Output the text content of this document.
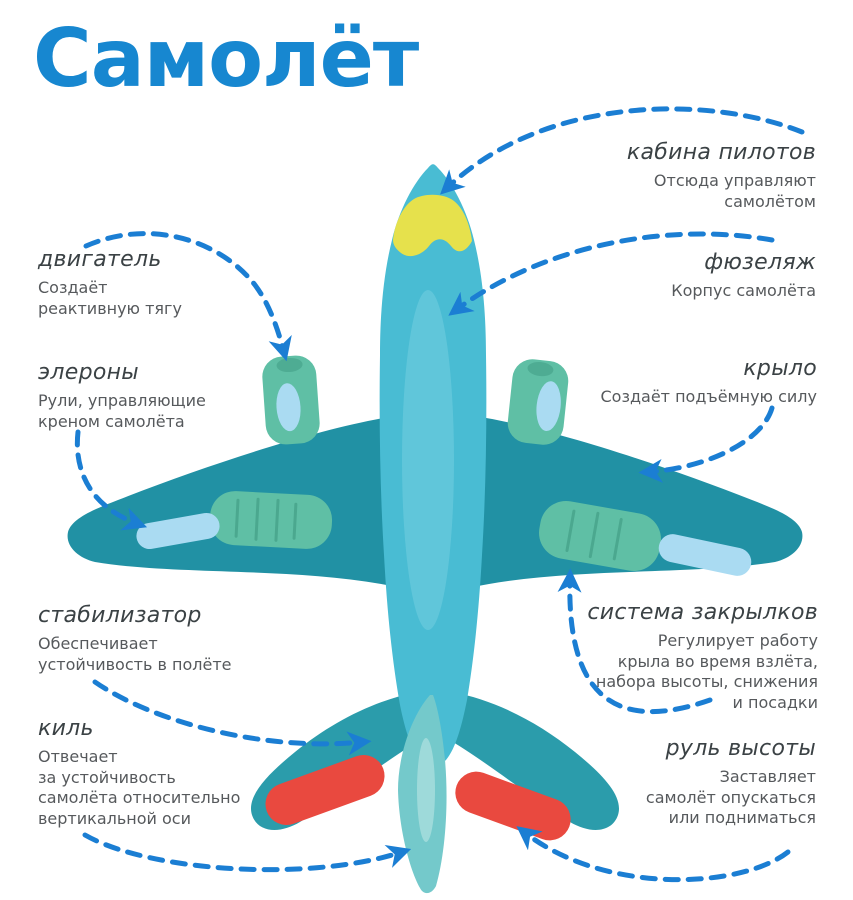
Самолёт
кабина пилотов
Отсюда управляют
самолётом
фюзеляж
Корпус самолёта
крыло
Создаёт подъёмную силу
система закрылков
Регулирует работу
крыла во время взлёта,
набора высоты, снижения
и посадки
руль высоты
Заставляет
самолёт опускаться
или подниматься
двигатель
Создаёт
реактивную тягу
элероны
Рули, управляющие
креном самолёта
стабилизатор
Обеспечивает
устойчивость в полёте
киль
Отвечает
за устойчивость
самолёта относительно
вертикальной оси
